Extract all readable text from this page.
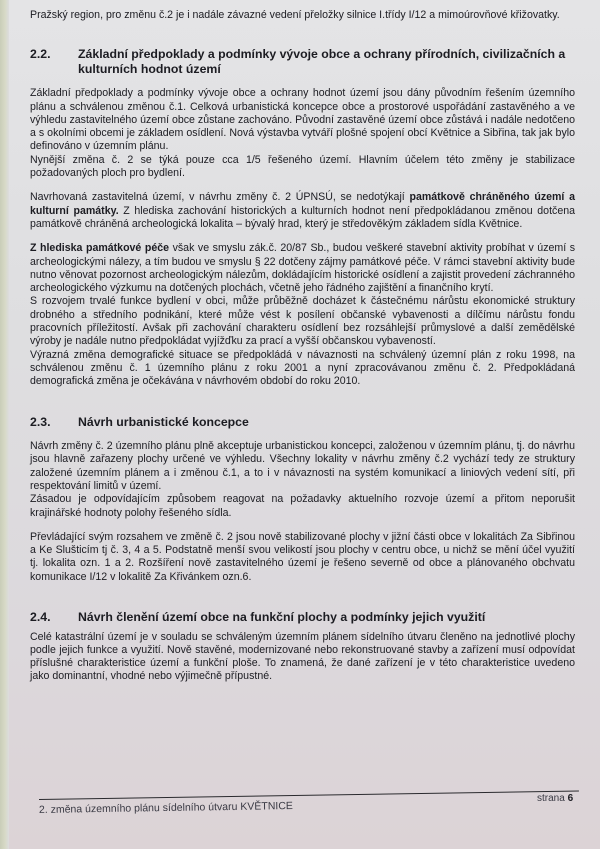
Pražský region, pro změnu č.2 je i nadále závazné vedení přeložky silnice I.třídy I/12 a mimoúrovňové křižovatky.

2.2.	Základní předpoklady a podmínky vývoje obce a ochrany přírodních, civilizačních a kulturních hodnot území

Základní předpoklady a podmínky vývoje obce a ochrany hodnot území jsou dány původním řešením územního plánu a schválenou změnou č.1. Celková urbanistická koncepce obce a prostorové uspořádání zastavěného a ve výhledu zastavitelného území obce zůstane zachováno. Původní zastavěné území obce zůstává i nadále nedotčeno a s okolními obcemi je základem osídlení. Nová výstavba vytváří plošné spojení obcí Květnice a Sibřina, tak jak bylo definováno v územním plánu.

Nynější změna č. 2 se týká pouze cca 1/5 řešeného území. Hlavním účelem této změny je stabilizace požadovaných ploch pro bydlení.

Navrhovaná zastavitelná území, v návrhu změny č. 2 ÚPNSÚ, se nedotýkají památkově chráněného území a kulturní památky. Z hlediska zachování historických a kulturních hodnot není předpokládanou změnou dotčena památkově chráněná archeologická lokalita – bývalý hrad, který je středověkým základem sídla Květnice.

Z hlediska památkové péče však ve smyslu zák.č. 20/87 Sb., budou veškeré stavební aktivity probíhat v území s archeologickými nálezy, a tím budou ve smyslu § 22 dotčeny zájmy památkové péče. V rámci stavební aktivity bude nutno věnovat pozornost archeologickým nálezům, dokládajícím historické osídlení a zajistit provedení záchranného archeologického výzkumu na dotčených plochách, včetně jeho řádného zajištění a finančního krytí.

S rozvojem trvalé funkce bydlení v obci, může průběžně docházet k částečnému nárůstu ekonomické struktury drobného a středního podnikání, které může vést k posílení občanské vybavenosti a dílčímu nárůstu fondu pracovních příležitostí. Avšak při zachování charakteru osídlení bez rozsáhlejší průmyslové a další zemědělské výroby je nadále nutno předpokládat vyjížďku za prací a vyšší občanskou vybaveností.

Výrazná změna demografické situace se předpokládá v návaznosti na schválený územní plán z roku 1998, na schválenou změnu č. 1 územního plánu z roku 2001 a nyní zpracovávanou změnu č. 2. Předpokládaná demografická změna je očekávána v návrhovém období do roku 2010.

2.3.	Návrh urbanistické koncepce

Návrh změny č. 2 územního plánu plně akceptuje urbanistickou koncepci, založenou v územním plánu, tj. do návrhu jsou hlavně zařazeny plochy určené ve výhledu. Všechny lokality v návrhu změny č.2 vychází tedy ze struktury založené územním plánem a i změnou č.1, a to i v návaznosti na systém komunikací a liniových vedení sítí, při respektování limitů v území.

Zásadou je odpovídajícím způsobem reagovat na požadavky aktuelního rozvoje území a přitom neporušit krajinářské hodnoty polohy řešeného sídla.

Převládající svým rozsahem ve změně č. 2 jsou nově stabilizované plochy v jižní části obce v lokalitách Za Sibřinou a Ke Slušticím tj č. 3, 4 a 5. Podstatně menší svou velikostí jsou plochy v centru obce, u nichž se mění účel využití tj. lokalita ozn. 1 a 2. Rozšíření nově zastavitelného území je řešeno severně od obce a plánovaného obchvatu komunikace I/12 v lokalitě Za Křivánkem ozn.6.

2.4.	Návrh členění území obce na funkční plochy a podmínky jejich využití

Celé katastrální území je v souladu se schváleným územním plánem sídelního útvaru členěno na jednotlivé plochy podle jejich funkce a využití. Nově stavěné, modernizované nebo rekonstruované stavby a zařízení musí odpovídat příslušné charakteristice území a funkční ploše. To znamená, že dané zařízení je v této charakteristice uvedeno jako dominantní, vhodné nebo výjimečně přípustné.

strana 6
2. změna územního plánu sídelního útvaru KVĚTNICE
